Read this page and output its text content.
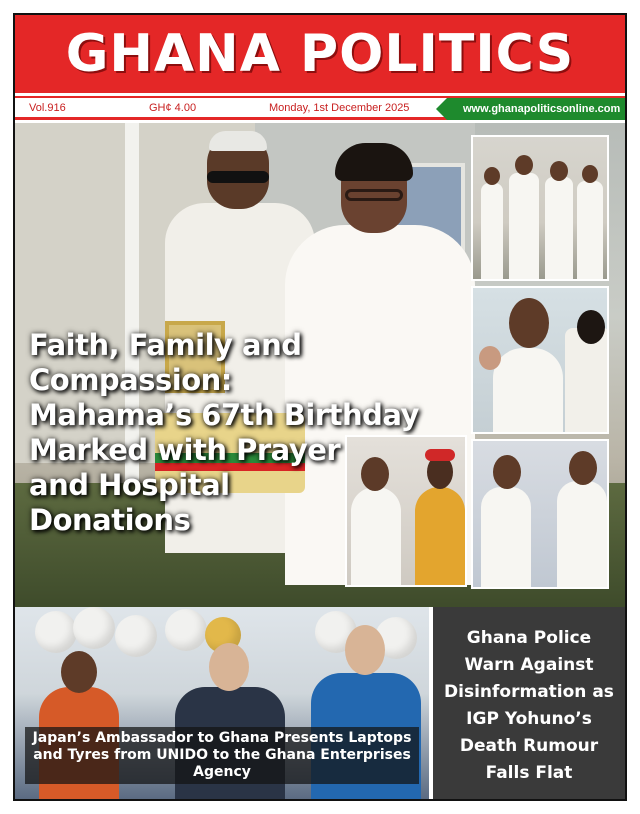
GHANA POLITICS
Vol.916	GH¢ 4.00	Monday, 1st December 2025	www.ghanapoliticsonline.com
Faith, Family and
Compassion:
Mahama’s 67th Birthday
Marked with Prayer
and Hospital
Donations
Japan’s Ambassador to Ghana Presents Laptops
and Tyres from UNIDO to the Ghana Enterprises
Agency
Ghana Police
Warn Against
Disinformation as
IGP Yohuno’s
Death Rumour
Falls Flat
